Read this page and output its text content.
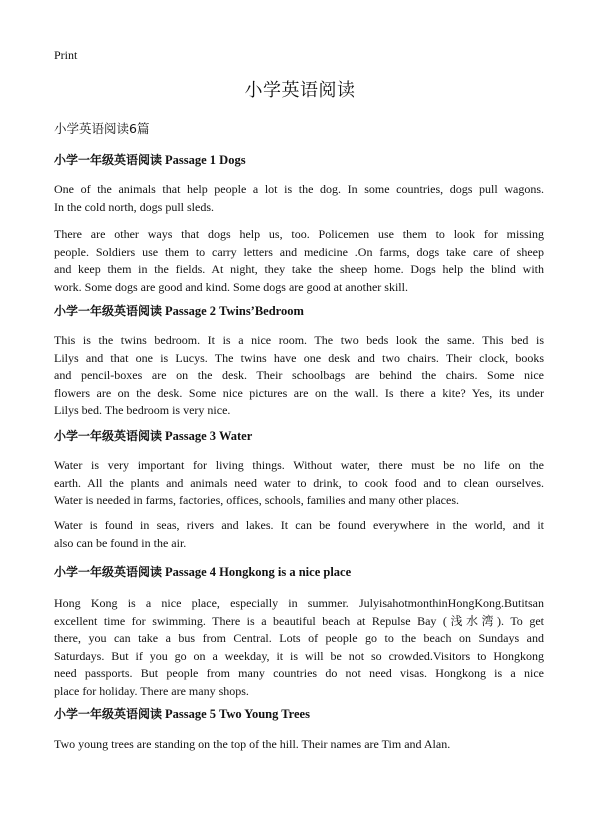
Print
小学英语阅读
小学英语阅读6篇
小学一年级英语阅读 Passage 1 Dogs
One of the animals that help people a lot is the dog. In some countries, dogs pull wagons.
In the cold north, dogs pull sleds.
There are other ways that dogs help us, too. Policemen use them to look for missing
people. Soldiers use them to carry letters and medicine .On farms, dogs take care of sheep
and keep them in the fields. At night, they take the sheep home. Dogs help the blind with
work. Some dogs are good and kind. Some dogs are good at another skill.
小学一年级英语阅读 Passage 2 Twins’Bedroom
This is the twins bedroom. It is a nice room. The two beds look the same. This bed is
Lilys and that one is Lucys. The twins have one desk and two chairs. Their clock, books
and pencil-boxes are on the desk. Their schoolbags are behind the chairs. Some nice
flowers are on the desk. Some nice pictures are on the wall. Is there a kite? Yes, its under
Lilys bed. The bedroom is very nice.
小学一年级英语阅读 Passage 3 Water
Water is very important for living things. Without water, there must be no life on the
earth. All the plants and animals need water to drink, to cook food and to clean ourselves.
Water is needed in farms, factories, offices, schools, families and many other places.
Water is found in seas, rivers and lakes. It can be found everywhere in the world, and it
also can be found in the air.
小学一年级英语阅读 Passage 4 Hongkong is a nice place
Hong Kong is a nice place, especially in summer. JulyisahotmonthinHongKong.Butitsan
excellent time for swimming. There is a beautiful beach at Repulse Bay (浅水湾). To get
there, you can take a bus from Central. Lots of people go to the beach on Sundays and
Saturdays. But if you go on a weekday, it is will be not so crowded.Visitors to Hongkong
need passports. But people from many countries do not need visas. Hongkong is a nice
place for holiday. There are many shops.
小学一年级英语阅读 Passage 5 Two Young Trees
Two young trees are standing on the top of the hill. Their names are Tim and Alan.
